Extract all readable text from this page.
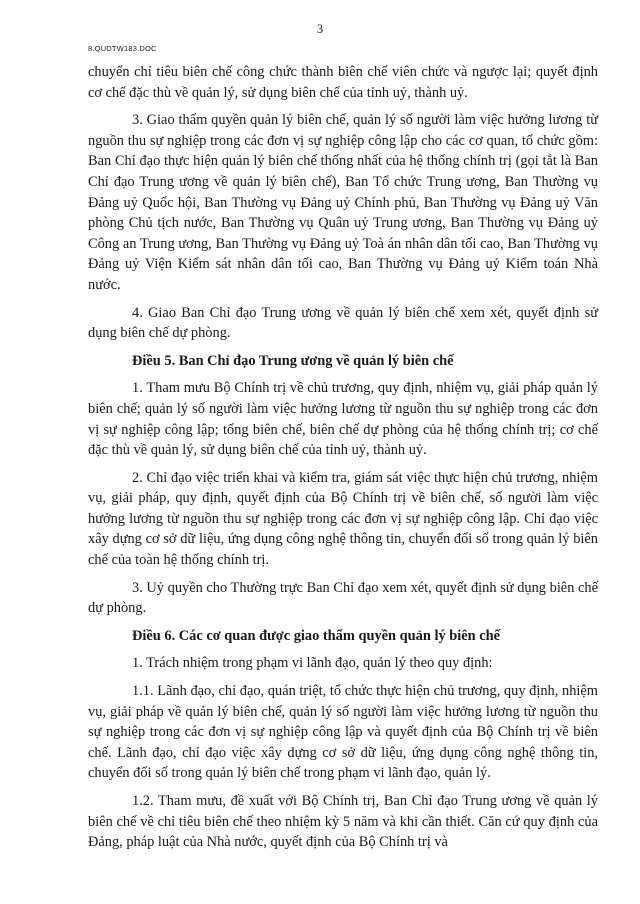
8.QUDTW183.DOC
3

chuyển chỉ tiêu biên chế công chức thành biên chế viên chức và ngược lại; quyết định cơ chế đặc thù về quản lý, sử dụng biên chế của tỉnh uỷ, thành uỷ.

3. Giao thẩm quyền quản lý biên chế, quản lý số người làm việc hưởng lương từ nguồn thu sự nghiệp trong các đơn vị sự nghiệp công lập cho các cơ quan, tổ chức gồm: Ban Chỉ đạo thực hiện quản lý biên chế thống nhất của hệ thống chính trị (gọi tắt là Ban Chỉ đạo Trung ương về quản lý biên chế), Ban Tổ chức Trung ương, Ban Thường vụ Đảng uỷ Quốc hội, Ban Thường vụ Đảng uỷ Chính phủ, Ban Thường vụ Đảng uỷ Văn phòng Chủ tịch nước, Ban Thường vụ Quân uỷ Trung ương, Ban Thường vụ Đảng uỷ Công an Trung ương, Ban Thường vụ Đảng uỷ Toà án nhân dân tối cao, Ban Thường vụ Đảng uỷ Viện Kiểm sát nhân dân tối cao, Ban Thường vụ Đảng uỷ Kiểm toán Nhà nước.

4. Giao Ban Chỉ đạo Trung ương về quản lý biên chế xem xét, quyết định sử dụng biên chế dự phòng.

Điều 5. Ban Chỉ đạo Trung ương về quản lý biên chế

1. Tham mưu Bộ Chính trị về chủ trương, quy định, nhiệm vụ, giải pháp quản lý biên chế; quản lý số người làm việc hưởng lương từ nguồn thu sự nghiệp trong các đơn vị sự nghiệp công lập; tổng biên chế, biên chế dự phòng của hệ thống chính trị; cơ chế đặc thù về quản lý, sử dụng biên chế của tỉnh uỷ, thành uỷ.

2. Chỉ đạo việc triển khai và kiểm tra, giám sát việc thực hiện chủ trương, nhiệm vụ, giải pháp, quy định, quyết định của Bộ Chính trị về biên chế, số người làm việc hưởng lương từ nguồn thu sự nghiệp trong các đơn vị sự nghiệp công lập. Chỉ đạo việc xây dựng cơ sở dữ liệu, ứng dụng công nghệ thông tin, chuyển đổi số trong quản lý biên chế của toàn hệ thống chính trị.

3. Uỷ quyền cho Thường trực Ban Chỉ đạo xem xét, quyết định sử dụng biên chế dự phòng.

Điều 6. Các cơ quan được giao thẩm quyền quản lý biên chế

1. Trách nhiệm trong phạm vi lãnh đạo, quản lý theo quy định:

1.1. Lãnh đạo, chỉ đạo, quán triệt, tổ chức thực hiện chủ trương, quy định, nhiệm vụ, giải pháp về quản lý biên chế, quản lý số người làm việc hưởng lương từ nguồn thu sự nghiệp trong các đơn vị sự nghiệp công lập và quyết định của Bộ Chính trị về biên chế. Lãnh đạo, chỉ đạo việc xây dựng cơ sở dữ liệu, ứng dụng công nghệ thông tin, chuyển đổi số trong quản lý biên chế trong phạm vi lãnh đạo, quản lý.

1.2. Tham mưu, đề xuất với Bộ Chính trị, Ban Chỉ đạo Trung ương về quản lý biên chế về chỉ tiêu biên chế theo nhiệm kỳ 5 năm và khi cần thiết. Căn cứ quy định của Đảng, pháp luật của Nhà nước, quyết định của Bộ Chính trị và
